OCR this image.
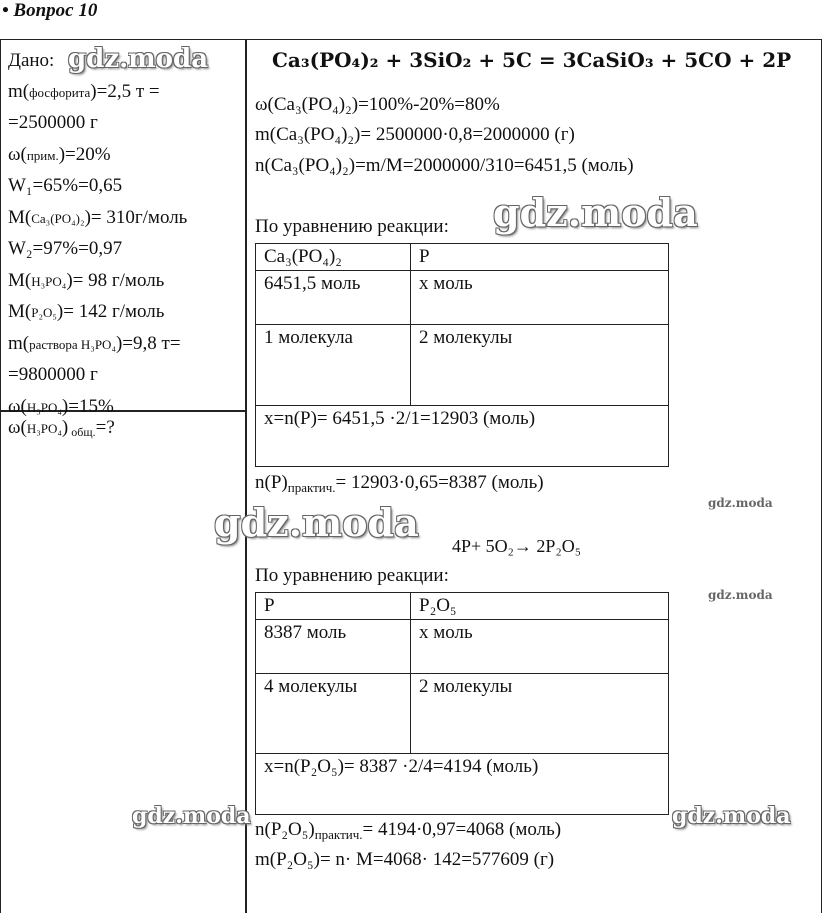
• Вопрос 10
Дано:
m(фосфорита)=2,5 т =
=2500000 г
ω(прим.)=20%
W₁=65%=0,65
M(Ca₃(PO₄)₂)= 310г/моль
W₂=97%=0,97
M(H₃PO₄)= 98 г/моль
M(P₂O₅)= 142 г/моль
m(раствора H₃PO₄)=9,8 т=
=9800000 г
ω(H₃PO₄)=15%
ω(H₃PO₄) $_{общ.}$=?
Ca₃(PO₄)₂ + 3SiO₂ + 5C = 3CaSiO₃ + 5CO + 2P
ω(Ca₃(PO₄)₂)=100%-20%=80%
m(Ca₃(PO₄)₂)= 2500000·0,8=2000000 (г)
n(Ca₃(PO₄)₂)=m/M=2000000/310=6451,5 (моль)
По уравнению реакции:
Ca₃(PO₄)₂	P
6451,5 моль	x моль
1 молекула	2 молекулы
x=n(P)= 6451,5 ·2/1=12903 (моль)	
$n(P)_{практич.}= 12903\cdot 0,65=8387$ (моль)
4P+ 5O₂→ 2P₂O₅
По уравнению реакции:
P	P₂O₅
8387 моль	x моль
4 молекулы	2 молекулы
x=n(P₂O₅)= 8387 ·2/4=4194 (моль)	
$n(P_2O_5)_{практич.}= 4194\cdot 0,97=4068$ (моль)
m(P₂O₅)= n· M=4068· 142=577609 (г)
gdz.moda
gdz.moda
gdz.moda
gdz.moda	gdz.moda
gdz.moda
gdz.moda
